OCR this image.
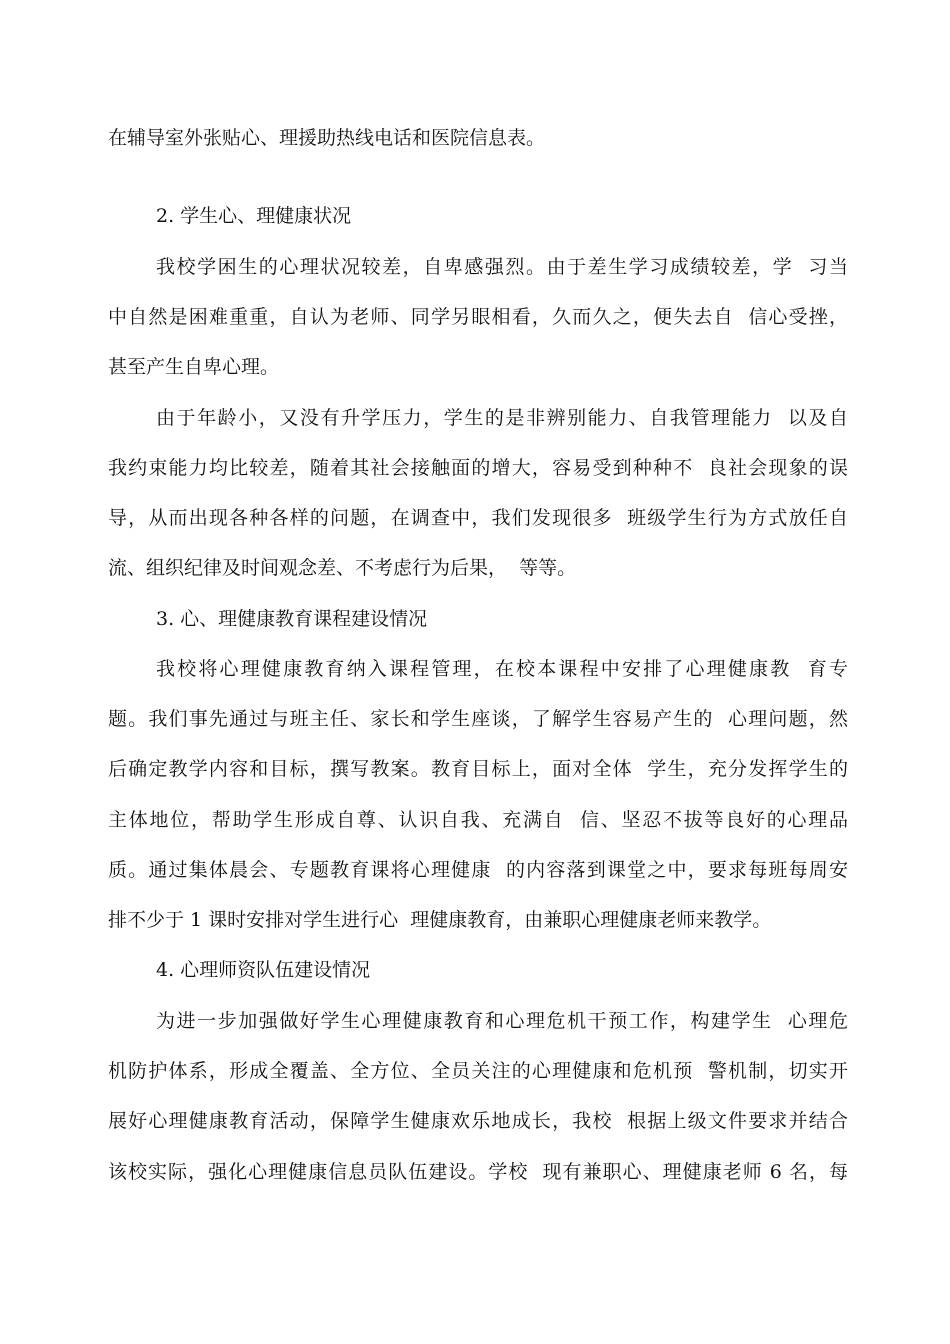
在辅导室外张贴心、理援助热线电话和医院信息表。
2. 学生心、理健康状况
我校学困生的心理状况较差，自卑感强烈。由于差生学习成绩较差，学  习当
中自然是困难重重，自认为老师、同学另眼相看，久而久之，便失去自  信心受挫，
甚至产生自卑心理。
由于年龄小，又没有升学压力，学生的是非辨别能力、自我管理能力  以及自
我约束能力均比较差，随着其社会接触面的增大，容易受到种种不  良社会现象的误
导，从而出现各种各样的问题，在调查中，我们发现很多  班级学生行为方式放任自
流、组织纪律及时间观念差、不考虑行为后果，  等等。
3. 心、理健康教育课程建设情况
我校将心理健康教育纳入课程管理，在校本课程中安排了心理健康教  育专
题。我们事先通过与班主任、家长和学生座谈，了解学生容易产生的  心理问题，然
后确定教学内容和目标，撰写教案。教育目标上，面对全体  学生，充分发挥学生的
主体地位，帮助学生形成自尊、认识自我、充满自  信、坚忍不拔等良好的心理品
质。通过集体晨会、专题教育课将心理健康  的内容落到课堂之中，要求每班每周安
排不少于 1 课时安排对学生进行心  理健康教育，由兼职心理健康老师来教学。
4. 心理师资队伍建设情况
为进一步加强做好学生心理健康教育和心理危机干预工作，构建学生  心理危
机防护体系，形成全覆盖、全方位、全员关注的心理健康和危机预  警机制，切实开
展好心理健康教育活动，保障学生健康欢乐地成长，我校  根据上级文件要求并结合
该校实际，强化心理健康信息员队伍建设。学校  现有兼职心、理健康老师 6 名，每
